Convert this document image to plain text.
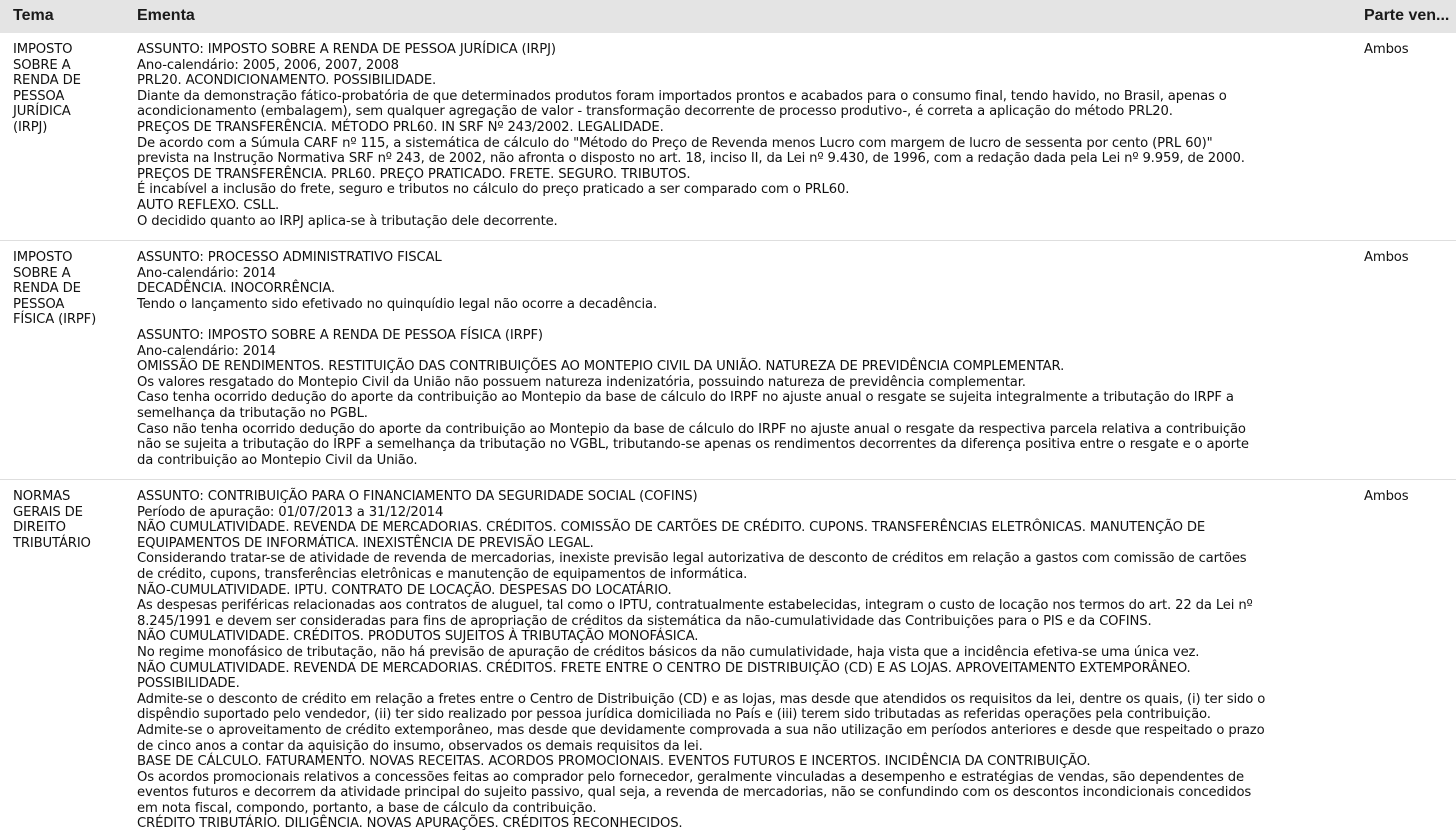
Tema	Ementa	Parte ven...
IMPOSTO
SOBRE A
RENDA DE
PESSOA
JURÍDICA
(IRPJ)
ASSUNTO: IMPOSTO SOBRE A RENDA DE PESSOA JURÍDICA (IRPJ)
Ano-calendário: 2005, 2006, 2007, 2008
PRL20. ACONDICIONAMENTO. POSSIBILIDADE.
Diante da demonstração fático-probatória de que determinados produtos foram importados prontos e acabados para o consumo final, tendo havido, no Brasil, apenas o
acondicionamento (embalagem), sem qualquer agregação de valor - transformação decorrente de processo produtivo-, é correta a aplicação do método PRL20.
PREÇOS DE TRANSFERÊNCIA. MÉTODO PRL60. IN SRF Nº 243/2002. LEGALIDADE.
De acordo com a Súmula CARF nº 115, a sistemática de cálculo do "Método do Preço de Revenda menos Lucro com margem de lucro de sessenta por cento (PRL 60)"
prevista na Instrução Normativa SRF nº 243, de 2002, não afronta o disposto no art. 18, inciso II, da Lei nº 9.430, de 1996, com a redação dada pela Lei nº 9.959, de 2000.
PREÇOS DE TRANSFERÊNCIA. PRL60. PREÇO PRATICADO. FRETE. SEGURO. TRIBUTOS.
É incabível a inclusão do frete, seguro e tributos no cálculo do preço praticado a ser comparado com o PRL60.
AUTO REFLEXO. CSLL.
O decidido quanto ao IRPJ aplica-se à tributação dele decorrente.
Ambos
IMPOSTO
SOBRE A
RENDA DE
PESSOA
FÍSICA (IRPF)
ASSUNTO: PROCESSO ADMINISTRATIVO FISCAL
Ano-calendário: 2014
DECADÊNCIA. INOCORRÊNCIA.
Tendo o lançamento sido efetivado no quinquídio legal não ocorre a decadência.
ASSUNTO: IMPOSTO SOBRE A RENDA DE PESSOA FÍSICA (IRPF)
Ano-calendário: 2014
OMISSÃO DE RENDIMENTOS. RESTITUIÇÃO DAS CONTRIBUIÇÕES AO MONTEPIO CIVIL DA UNIÃO. NATUREZA DE PREVIDÊNCIA COMPLEMENTAR.
Os valores resgatado do Montepio Civil da União não possuem natureza indenizatória, possuindo natureza de previdência complementar.
Caso tenha ocorrido dedução do aporte da contribuição ao Montepio da base de cálculo do IRPF no ajuste anual o resgate se sujeita integralmente a tributação do IRPF a
semelhança da tributação no PGBL.
Caso não tenha ocorrido dedução do aporte da contribuição ao Montepio da base de cálculo do IRPF no ajuste anual o resgate da respectiva parcela relativa a contribuição
não se sujeita a tributação do IRPF a semelhança da tributação no VGBL, tributando-se apenas os rendimentos decorrentes da diferença positiva entre o resgate e o aporte
da contribuição ao Montepio Civil da União.
Ambos
NORMAS
GERAIS DE
DIREITO
TRIBUTÁRIO
ASSUNTO: CONTRIBUIÇÃO PARA O FINANCIAMENTO DA SEGURIDADE SOCIAL (COFINS)
Período de apuração: 01/07/2013 a 31/12/2014
NÃO CUMULATIVIDADE. REVENDA DE MERCADORIAS. CRÉDITOS. COMISSÃO DE CARTÕES DE CRÉDITO. CUPONS. TRANSFERÊNCIAS ELETRÔNICAS. MANUTENÇÃO DE
EQUIPAMENTOS DE INFORMÁTICA. INEXISTÊNCIA DE PREVISÃO LEGAL.
Considerando tratar-se de atividade de revenda de mercadorias, inexiste previsão legal autorizativa de desconto de créditos em relação a gastos com comissão de cartões
de crédito, cupons, transferências eletrônicas e manutenção de equipamentos de informática.
NÃO-CUMULATIVIDADE. IPTU. CONTRATO DE LOCAÇÃO. DESPESAS DO LOCATÁRIO.
As despesas periféricas relacionadas aos contratos de aluguel, tal como o IPTU, contratualmente estabelecidas, integram o custo de locação nos termos do art. 22 da Lei nº
8.245/1991 e devem ser consideradas para fins de apropriação de créditos da sistemática da não-cumulatividade das Contribuições para o PIS e da COFINS.
NÃO CUMULATIVIDADE. CRÉDITOS. PRODUTOS SUJEITOS À TRIBUTAÇÃO MONOFÁSICA.
No regime monofásico de tributação, não há previsão de apuração de créditos básicos da não cumulatividade, haja vista que a incidência efetiva-se uma única vez.
NÃO CUMULATIVIDADE. REVENDA DE MERCADORIAS. CRÉDITOS. FRETE ENTRE O CENTRO DE DISTRIBUIÇÃO (CD) E AS LOJAS. APROVEITAMENTO EXTEMPORÂNEO.
POSSIBILIDADE.
Admite-se o desconto de crédito em relação a fretes entre o Centro de Distribuição (CD) e as lojas, mas desde que atendidos os requisitos da lei, dentre os quais, (i) ter sido o
dispêndio suportado pelo vendedor, (ii) ter sido realizado por pessoa jurídica domiciliada no País e (iii) terem sido tributadas as referidas operações pela contribuição.
Admite-se o aproveitamento de crédito extemporâneo, mas desde que devidamente comprovada a sua não utilização em períodos anteriores e desde que respeitado o prazo
de cinco anos a contar da aquisição do insumo, observados os demais requisitos da lei.
BASE DE CÁLCULO. FATURAMENTO. NOVAS RECEITAS. ACORDOS PROMOCIONAIS. EVENTOS FUTUROS E INCERTOS. INCIDÊNCIA DA CONTRIBUIÇÃO.
Os acordos promocionais relativos a concessões feitas ao comprador pelo fornecedor, geralmente vinculadas a desempenho e estratégias de vendas, são dependentes de
eventos futuros e decorrem da atividade principal do sujeito passivo, qual seja, a revenda de mercadorias, não se confundindo com os descontos incondicionais concedidos
em nota fiscal, compondo, portanto, a base de cálculo da contribuição.
CRÉDITO TRIBUTÁRIO. DILIGÊNCIA. NOVAS APURAÇÕES. CRÉDITOS RECONHECIDOS.
Ambos
